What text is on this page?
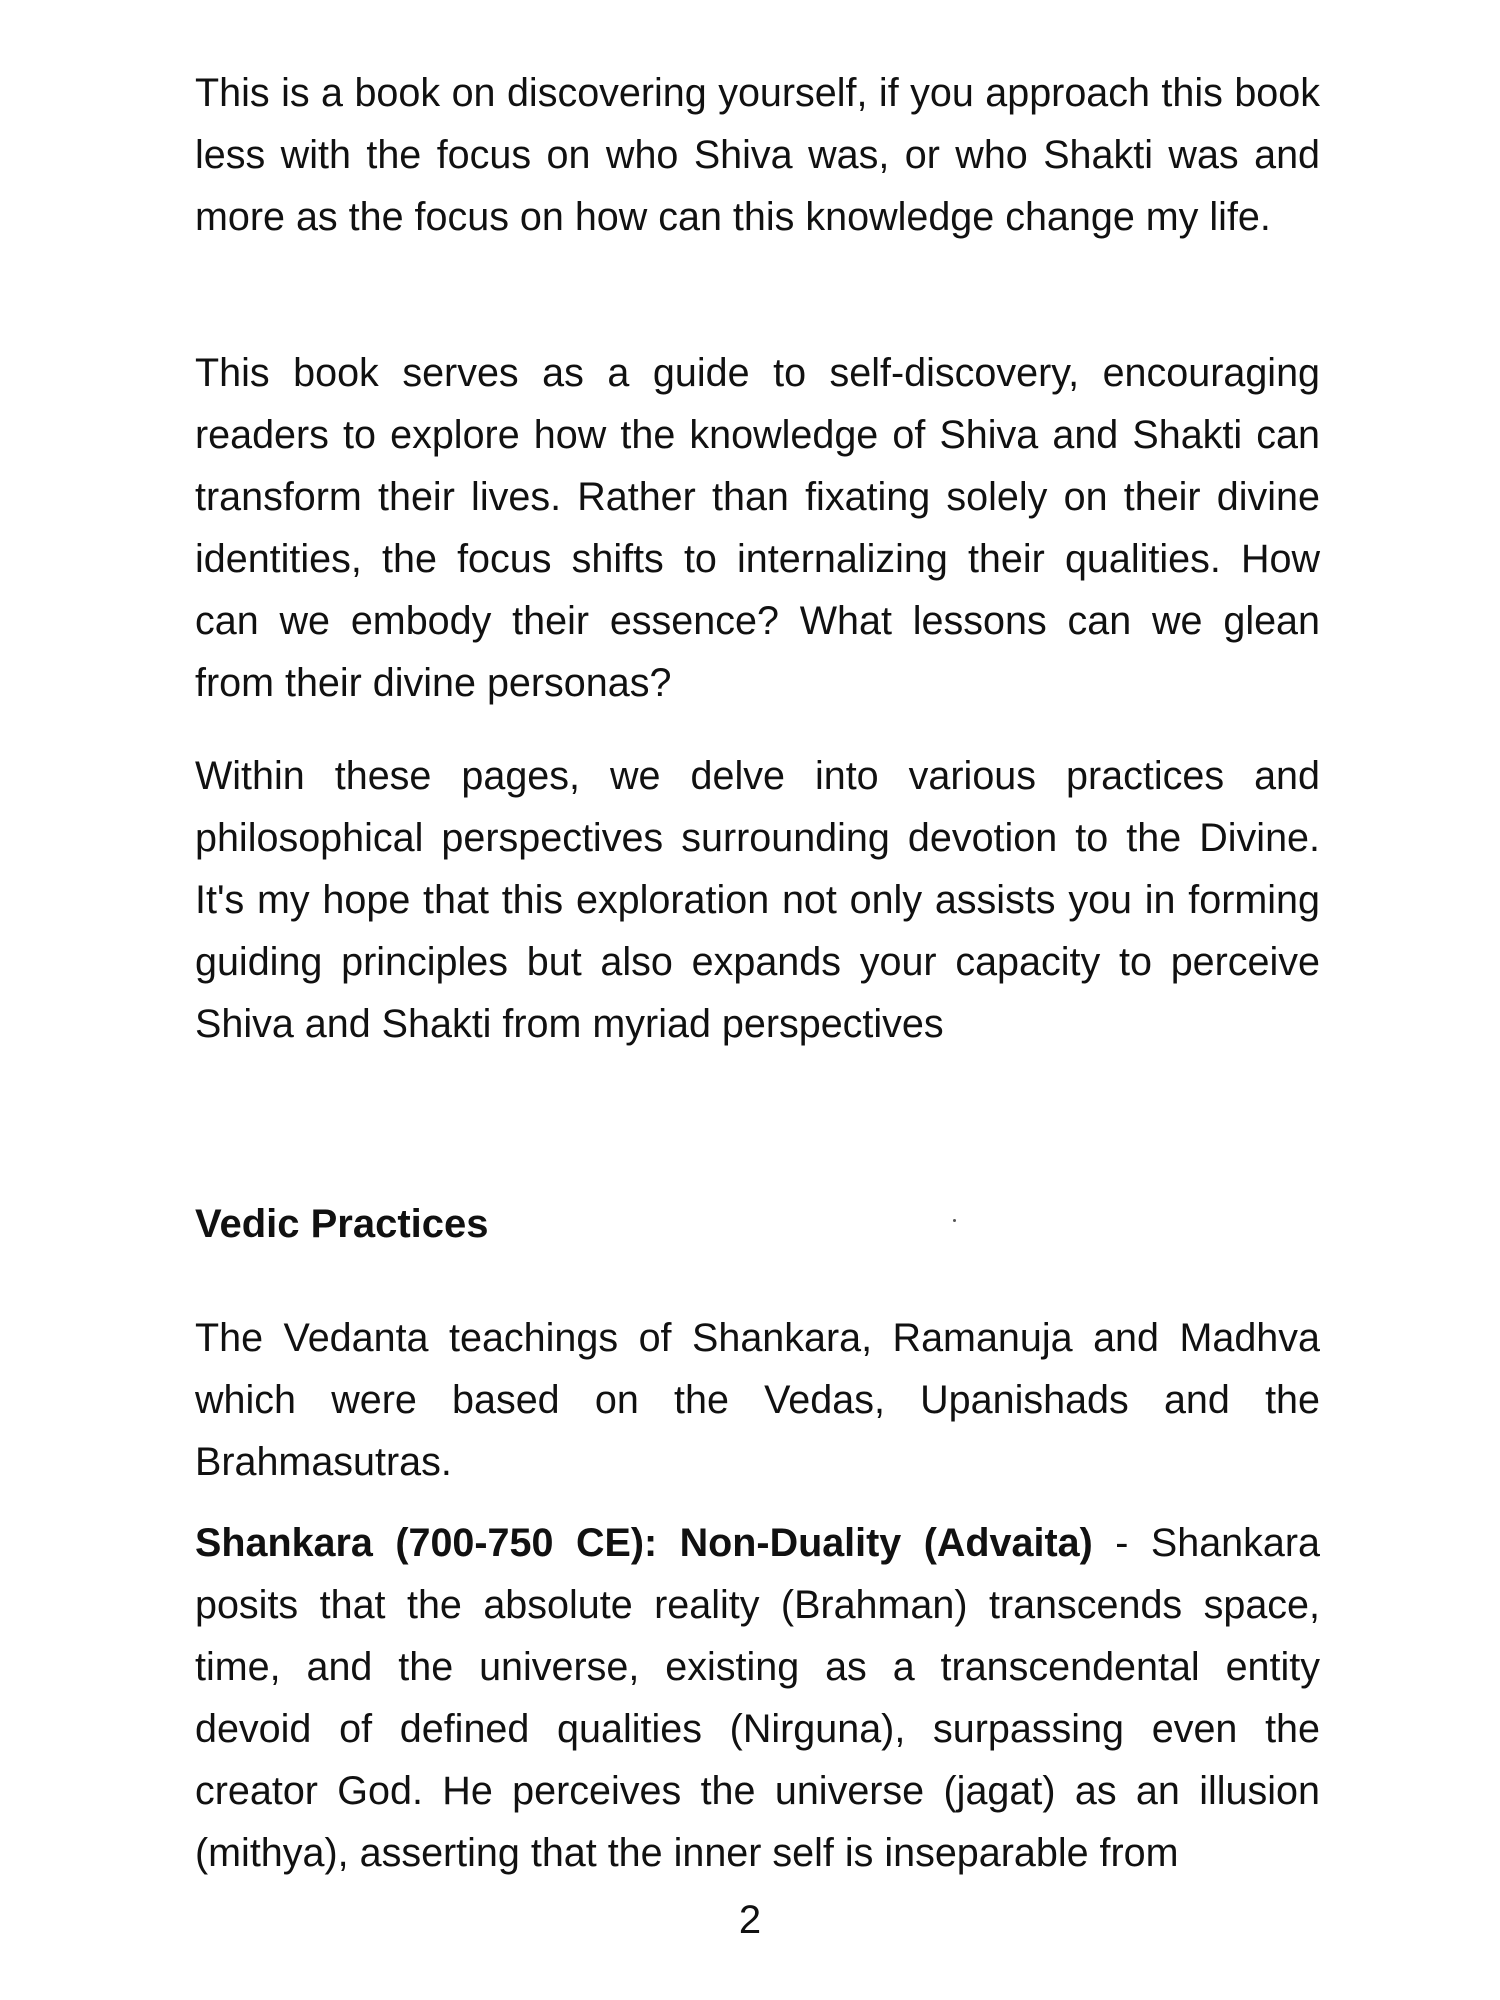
This is a book on discovering yourself, if you approach this book less with the focus on who Shiva was, or who Shakti was and more as the focus on how can this knowledge change my life.

This book serves as a guide to self-discovery, encouraging readers to explore how the knowledge of Shiva and Shakti can transform their lives. Rather than fixating solely on their divine identities, the focus shifts to internalizing their qualities. How can we embody their essence? What lessons can we glean from their divine personas?

Within these pages, we delve into various practices and philosophical perspectives surrounding devotion to the Divine. It's my hope that this exploration not only assists you in forming guiding principles but also expands your capacity to perceive Shiva and Shakti from myriad perspectives

Vedic Practices

The Vedanta teachings of Shankara, Ramanuja and Madhva which were based on the Vedas, Upanishads and the Brahmasutras.

Shankara (700-750 CE): Non-Duality (Advaita) - Shankara posits that the absolute reality (Brahman) transcends space, time, and the universe, existing as a transcendental entity devoid of defined qualities (Nirguna), surpassing even the creator God. He perceives the universe (jagat) as an illusion (mithya), asserting that the inner self is inseparable from

2
